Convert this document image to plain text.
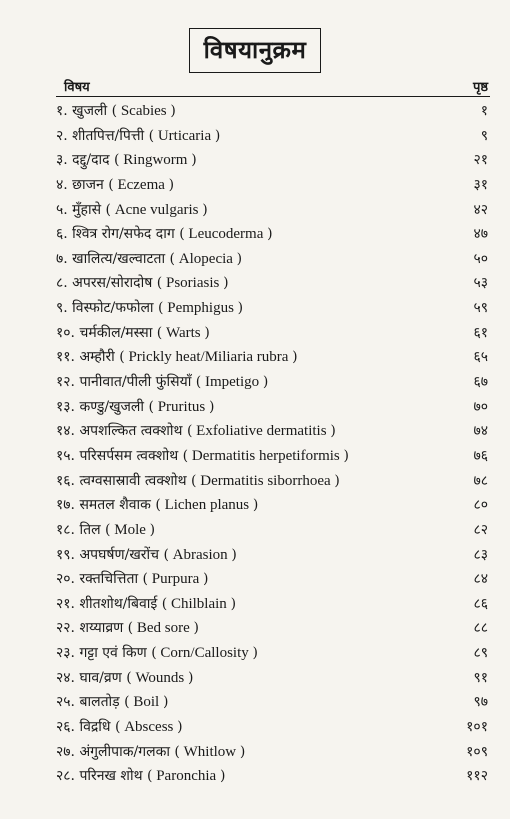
विषयानुक्रम
विषय	पृष्ठ
१. खुजली ( Scabies )	१
२. शीतपित्त/पित्ती ( Urticaria )	९
३. दद्दु/दाद ( Ringworm )	२१
४. छाजन ( Eczema )	३१
५. मुँहासे ( Acne vulgaris )	४२
६. श्वित्र रोग/सफेद दाग ( Leucoderma )	४७
७. खालित्य/खल्वाटता ( Alopecia )	५०
८. अपरस/सोरादोष ( Psoriasis )	५३
९. विस्फोट/फफोला ( Pemphigus )	५९
१०. चर्मकील/मस्सा ( Warts )	६१
११. अम्हौरी ( Prickly heat/Miliaria rubra )	६५
१२. पानीवात/पीली फुंसियाँ ( Impetigo )	६७
१३. कण्डु/खुजली ( Pruritus )	७०
१४. अपशल्कित त्वक्शोथ ( Exfoliative dermatitis )	७४
१५. परिसर्पसम त्वक्शोथ ( Dermatitis herpetiformis )	७६
१६. त्वग्वसास्रावी त्वक्शोथ ( Dermatitis siborrhoea )	७८
१७. समतल शैवाक ( Lichen planus )	८०
१८. तिल ( Mole )	८२
१९. अपघर्षण/खरोंच ( Abrasion )	८३
२०. रक्तचित्तिता ( Purpura )	८४
२१. शीतशोथ/बिवाई ( Chilblain )	८६
२२. शय्याव्रण ( Bed sore )	८८
२३. गट्टा एवं किण ( Corn/Callosity )	८९
२४. घाव/व्रण ( Wounds )	९१
२५. बालतोड़ ( Boil )	९७
२६. विद्रधि ( Abscess )	१०१
२७. अंगुलीपाक/गलका ( Whitlow )	१०९
२८. परिनख शोथ ( Paronchia )	११२
